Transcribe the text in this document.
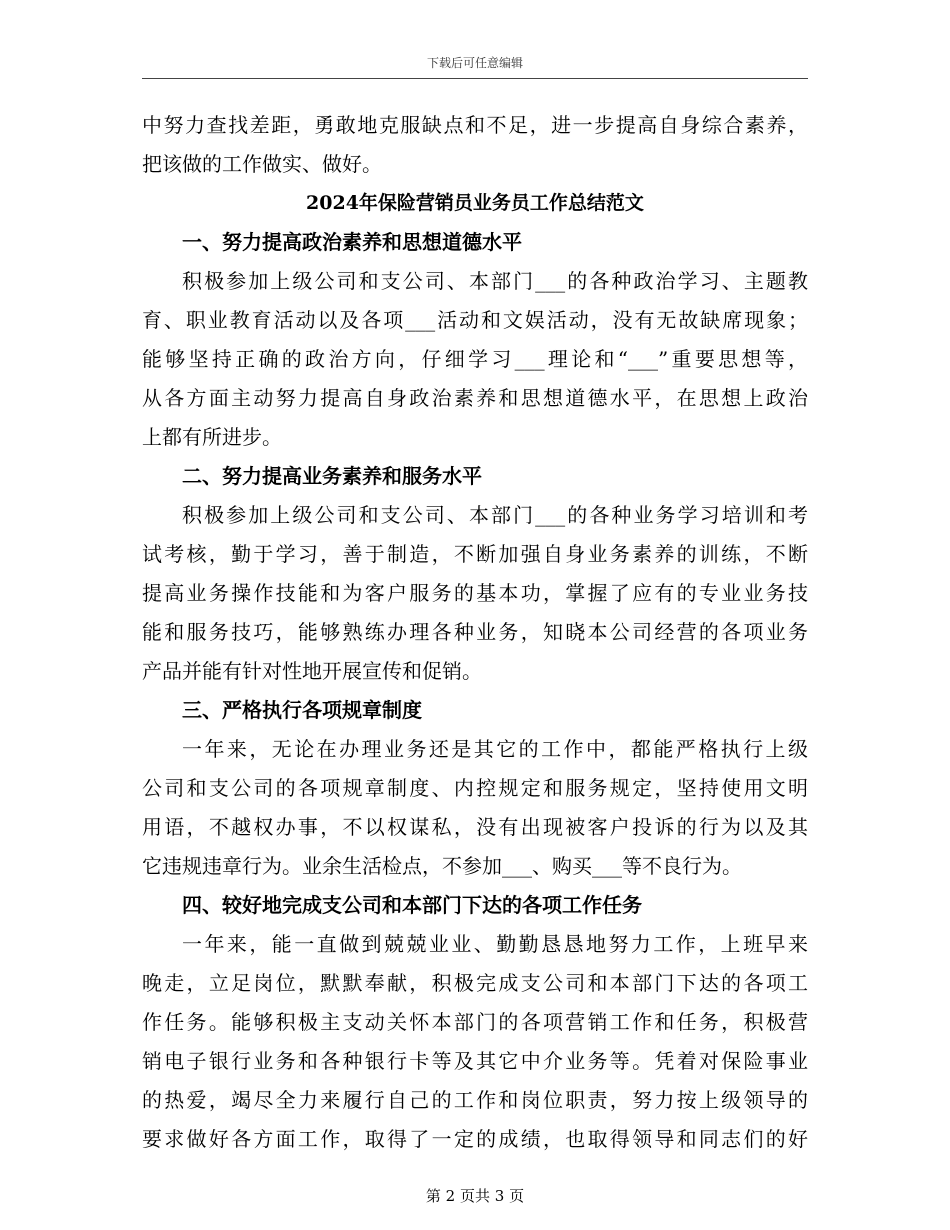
下载后可任意编辑
中努力查找差距，勇敢地克服缺点和不足，进一步提高自身综合素养，
把该做的工作做实、做好。
2024年保险营销员业务员工作总结范文
一、努力提高政治素养和思想道德水平
积极参加上级公司和支公司、本部门___的各种政治学习、主题教
育、职业教育活动以及各项___活动和文娱活动，没有无故缺席现象；
能够坚持正确的政治方向，仔细学习___理论和“___”重要思想等，
从各方面主动努力提高自身政治素养和思想道德水平，在思想上政治
上都有所进步。
二、努力提高业务素养和服务水平
积极参加上级公司和支公司、本部门___的各种业务学习培训和考
试考核，勤于学习，善于制造，不断加强自身业务素养的训练，不断
提高业务操作技能和为客户服务的基本功，掌握了应有的专业业务技
能和服务技巧，能够熟练办理各种业务，知晓本公司经营的各项业务
产品并能有针对性地开展宣传和促销。
三、严格执行各项规章制度
一年来，无论在办理业务还是其它的工作中，都能严格执行上级
公司和支公司的各项规章制度、内控规定和服务规定，坚持使用文明
用语，不越权办事，不以权谋私，没有出现被客户投诉的行为以及其
它违规违章行为。业余生活检点，不参加___、购买___等不良行为。
四、较好地完成支公司和本部门下达的各项工作任务
一年来，能一直做到兢兢业业、勤勤恳恳地努力工作，上班早来
晚走，立足岗位，默默奉献，积极完成支公司和本部门下达的各项工
作任务。能够积极主支动关怀本部门的各项营销工作和任务，积极营
销电子银行业务和各种银行卡等及其它中介业务等。凭着对保险事业
的热爱，竭尽全力来履行自己的工作和岗位职责，努力按上级领导的
要求做好各方面工作，取得了一定的成绩，也取得领导和同志们的好
第 2 页共 3 页
